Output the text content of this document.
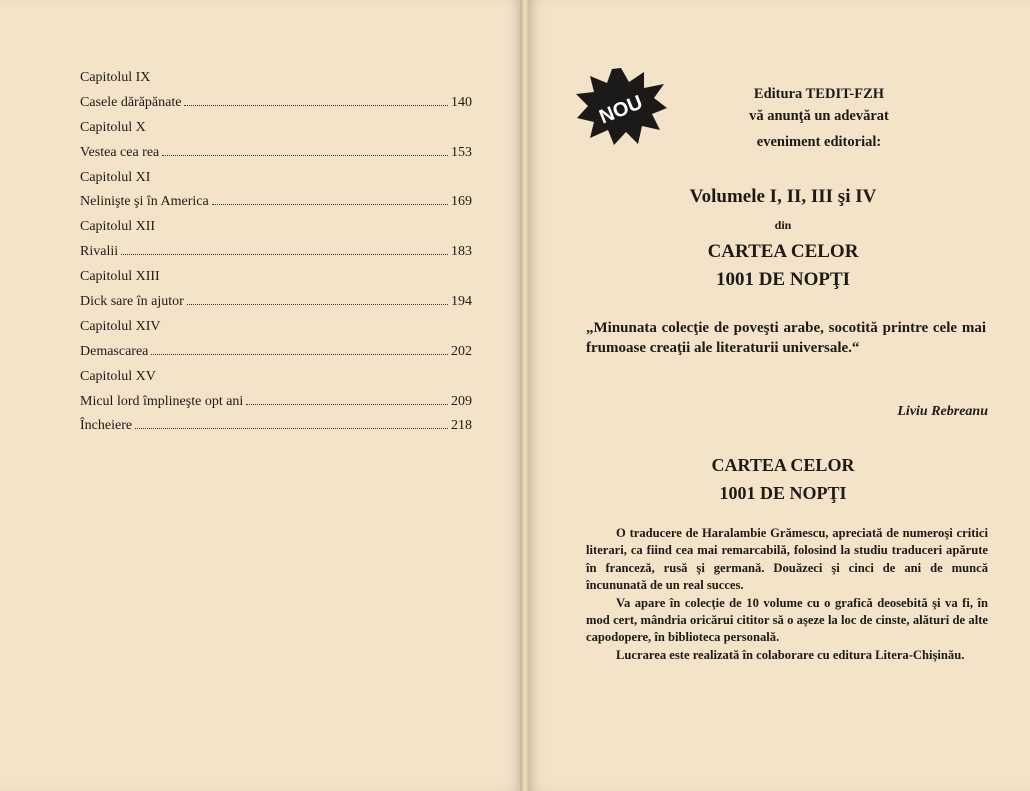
Capitolul IX
Casele dărăpănate	140
Capitolul X
Vestea cea rea	153
Capitolul XI
Nelinişte şi în America	169
Capitolul XII
Rivalii	183
Capitolul XIII
Dick sare în ajutor	194
Capitolul XIV
Demascarea	202
Capitolul XV
Micul lord împlineşte opt ani	209
Încheiere	218
NOU	Editura TEDIT-FZH
vă anunţă un adevărat
eveniment editorial:
Volumele I, II, III şi IV
din
CARTEA CELOR
1001 DE NOPŢI
„Minunata colecţie de poveşti arabe, socotită printre cele mai frumoase creaţii ale literaturii universale.“
Liviu Rebreanu
CARTEA CELOR
1001 DE NOPŢI

O traducere de Haralambie Grămescu, apreciată de numeroşi critici literari, ca fiind cea mai remarcabilă, folosind la studiu traduceri apărute în franceză, rusă şi germană. Douăzeci şi cinci de ani de muncă încununată de un real succes.

Va apare în colecţie de 10 volume cu o grafică deosebită şi va fi, în mod cert, mândria oricărui cititor să o aşeze la loc de cinste, alături de alte capodopere, în biblioteca personală.

Lucrarea este realizată în colaborare cu editura Litera-Chişinău.
